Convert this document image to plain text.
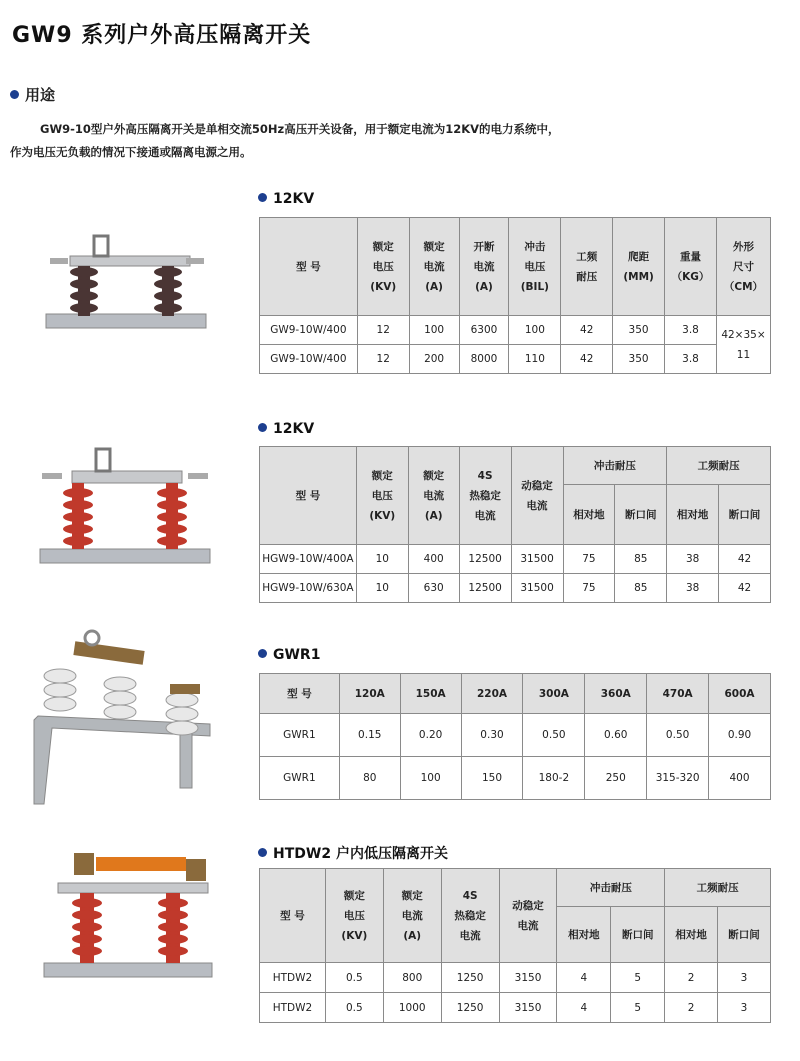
GW9 系列户外高压隔离开关
用途
GW9-10型户外高压隔离开关是单相交流50Hz高压开关设备，用于额定电流为12KV的电力系统中，
作为电压无负载的情况下接通或隔离电源之用。
12KV
型 号	额定
电压
(KV)	额定
电流
(A)	开断
电流
(A)	冲击
电压
(BIL)	工频
耐压	爬距
(MM)	重量
（KG）	外形
尺寸
（CM）
GW9-10W/400	12	100	6300	100	42	350	3.8	42×35×
11
GW9-10W/400	12	200	8000	110	42	350	3.8	
12KV
型 号	额定
电压
(KV)	额定
电流
(A)	4S
热稳定
电流	动稳定
电流	冲击耐压		工频耐压	
					相对地	断口间	相对地	断口间
HGW9-10W/400A	10	400	12500	31500	75	85	38	42
HGW9-10W/630A	10	630	12500	31500	75	85	38	42
GWR1
型 号	120A	150A	220A	300A	360A	470A	600A
GWR1	0.15	0.20	0.30	0.50	0.60	0.50	0.90
GWR1	80	100	150	180-2	250	315-320	400
HTDW2 户内低压隔离开关
型 号	额定
电压
(KV)	额定
电流
(A)	4S
热稳定
电流	动稳定
电流	冲击耐压		工频耐压	
					相对地	断口间	相对地	断口间
HTDW2	0.5	800	1250	3150	4	5	2	3
HTDW2	0.5	1000	1250	3150	4	5	2	3
